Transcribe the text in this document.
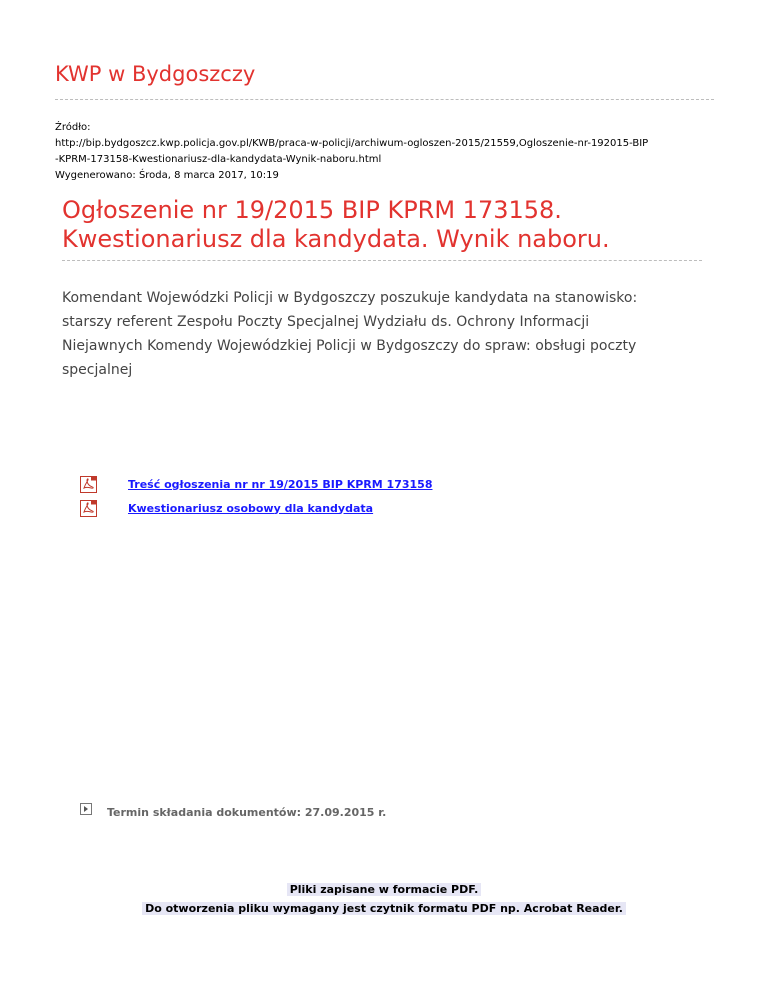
KWP w Bydgoszczy
Źródło:
http://bip.bydgoszcz.kwp.policja.gov.pl/KWB/praca-w-policji/archiwum-ogloszen-2015/21559,Ogloszenie-nr-192015-BIP
-KPRM-173158-Kwestionariusz-dla-kandydata-Wynik-naboru.html
Wygenerowano: Środa, 8 marca 2017, 10:19
Ogłoszenie nr 19/2015 BIP KPRM 173158.
Kwestionariusz dla kandydata. Wynik naboru.
Komendant Wojewódzki Policji w Bydgoszczy poszukuje kandydata na stanowisko:
starszy referent Zespołu Poczty Specjalnej Wydziału ds. Ochrony Informacji
Niejawnych Komendy Wojewódzkiej Policji w Bydgoszczy do spraw: obsługi poczty
specjalnej
Treść ogłoszenia nr nr 19/2015 BIP KPRM 173158
Kwestionariusz osobowy dla kandydata
Termin składania dokumentów: 27.09.2015 r.
Pliki zapisane w formacie PDF.
Do otworzenia pliku wymagany jest czytnik formatu PDF np. Acrobat Reader.
